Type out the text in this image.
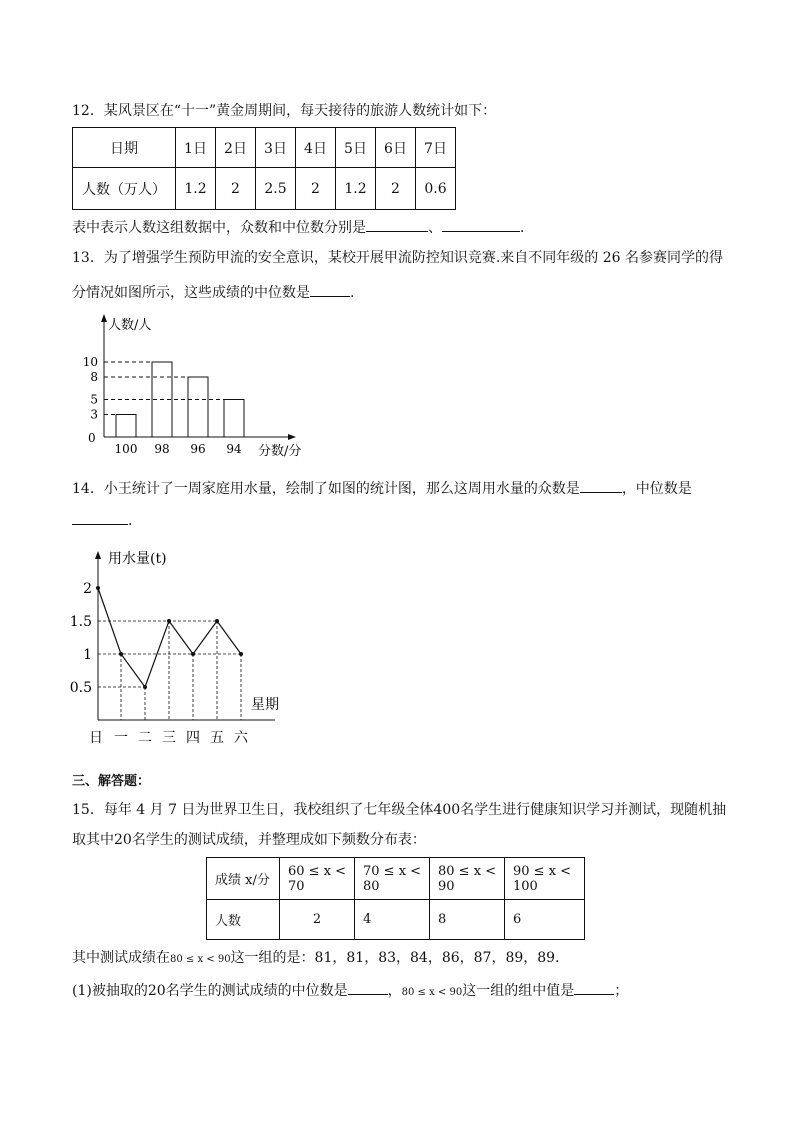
12．某风景区在“十一”黄金周期间，每天接待的旅游人数统计如下：
日期	1日	2日	3日	4日	5日	6日	7日
人数（万人）	1.2	2	2.5	2	1.2	2	0.6
表中表示人数这组数据中，众数和中位数分别是	、	．
13．为了增强学生预防甲流的安全意识，某校开展甲流防控知识竞赛.来自不同年级的 26 名参赛同学的得
分情况如图所示，这些成绩的中位数是	.
人数/人
分数/分
0
100 98 96 94
3
5
8
10
14．小王统计了一周家庭用水量，绘制了如图的统计图，那么这周用水量的众数是	，中位数是
．
用水量(t)
星期
0.5
1
1.5
2
日 一 二 三 四 五 六
三、解答题：
15．每年 4 月 7 日为世界卫生日，我校组织了七年级全体400名学生进行健康知识学习并测试，现随机抽
取其中20名学生的测试成绩，并整理成如下频数分布表：
成绩 x/分	60 ≤ x < 70	70 ≤ x < 80	80 ≤ x < 90	90 ≤ x < 100
人数	2	4	8	6
其中测试成绩在80 ≤ x < 90这一组的是：81，81，83，84，86，87，89，89．
(1)被抽取的20名学生的测试成绩的中位数是	，80 ≤ x < 90这一组的组中值是	；
